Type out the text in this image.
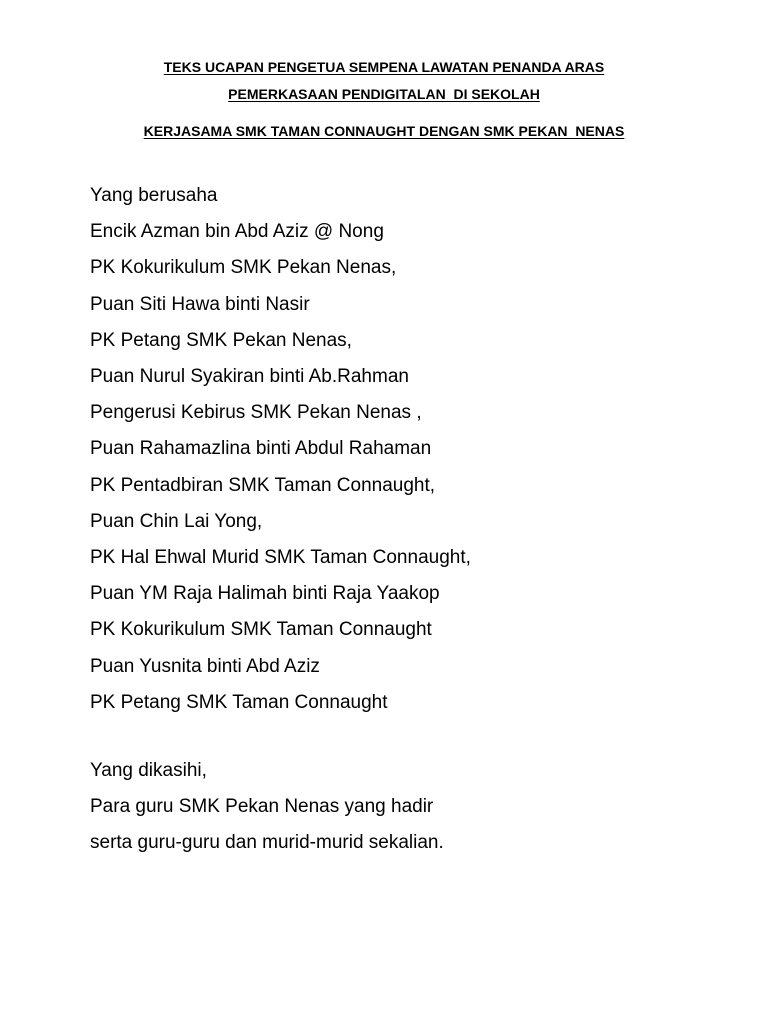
TEKS UCAPAN PENGETUA SEMPENA LAWATAN PENANDA ARAS
PEMERKASAAN PENDIGITALAN  DI SEKOLAH
KERJASAMA SMK TAMAN CONNAUGHT DENGAN SMK PEKAN  NENAS
Yang berusaha
Encik Azman bin Abd Aziz @ Nong
PK Kokurikulum SMK Pekan Nenas,
Puan Siti Hawa binti Nasir
PK Petang SMK Pekan Nenas,
Puan Nurul Syakiran binti Ab.Rahman
Pengerusi Kebirus SMK Pekan Nenas ,
Puan Rahamazlina binti Abdul Rahaman
PK Pentadbiran SMK Taman Connaught,
Puan Chin Lai Yong,
PK Hal Ehwal Murid SMK Taman Connaught,
Puan YM Raja Halimah binti Raja Yaakop
PK Kokurikulum SMK Taman Connaught
Puan Yusnita binti Abd Aziz
PK Petang SMK Taman Connaught
Yang dikasihi,
Para guru SMK Pekan Nenas yang hadir
serta guru-guru dan murid-murid sekalian.
